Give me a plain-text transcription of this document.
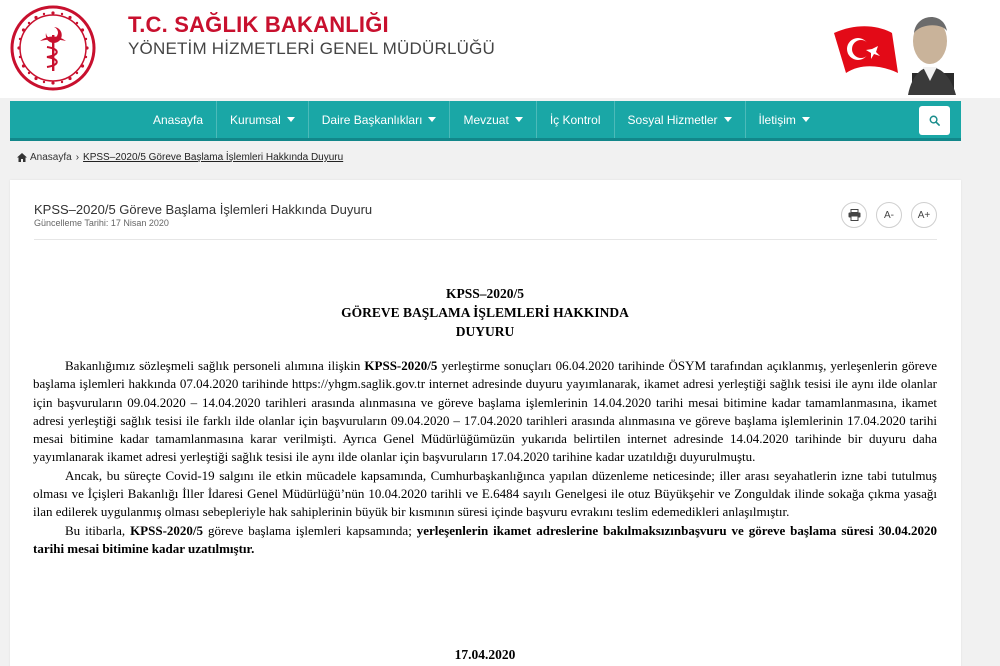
T.C. SAĞLIK BAKANLIĞI
YÖNETİM HİZMETLERİ GENEL MÜDÜRLÜĞÜ
Anasayfa Kurumsal	Daire Başkanlıkları	Mevzuat	İç Kontrol Sosyal Hizmetler	İletişim
Anasayfa › KPSS–2020/5 Göreve Başlama İşlemleri Hakkında Duyuru
KPSS–2020/5 Göreve Başlama İşlemleri Hakkında Duyuru
Güncelleme Tarihi: 17 Nisan 2020
A-	A+
KPSS–2020/5
GÖREVE BAŞLAMA İŞLEMLERİ HAKKINDA
DUYURU

Bakanlığımız sözleşmeli sağlık personeli alımına ilişkin KPSS-2020/5 yerleştirme sonuçları 06.04.2020 tarihinde ÖSYM tarafından açıklanmış, yerleşenlerin göreve başlama işlemleri hakkında 07.04.2020 tarihinde https://yhgm.saglik.gov.tr internet adresinde duyuru yayımlanarak, ikamet adresi yerleştiği sağlık tesisi ile aynı ilde olanlar için başvuruların 09.04.2020 – 14.04.2020 tarihleri arasında alınmasına ve göreve başlama işlemlerinin 14.04.2020 tarihi mesai bitimine kadar tamamlanmasına, ikamet adresi yerleştiği sağlık tesisi ile farklı ilde olanlar için başvuruların 09.04.2020 – 17.04.2020 tarihleri arasında alınmasına ve göreve başlama işlemlerinin 17.04.2020 tarihi mesai bitimine kadar tamamlanmasına karar verilmişti. Ayrıca Genel Müdürlüğümüzün yukarıda belirtilen internet adresinde 14.04.2020 tarihinde bir duyuru daha yayımlanarak ikamet adresi yerleştiği sağlık tesisi ile aynı ilde olanlar için başvuruların 17.04.2020 tarihine kadar uzatıldığı duyurulmuştu.

Ancak, bu süreçte Covid-19 salgını ile etkin mücadele kapsamında, Cumhurbaşkanlığınca yapılan düzenleme neticesinde; iller arası seyahatlerin izne tabi tutulmuş olması ve İçişleri Bakanlığı İller İdaresi Genel Müdürlüğü’nün 10.04.2020 tarihli ve E.6484 sayılı Genelgesi ile otuz Büyükşehir ve Zonguldak ilinde sokağa çıkma yasağı ilan edilerek uygulanmış olması sebepleriyle hak sahiplerinin büyük bir kısmının süresi içinde başvuru evrakını teslim edemedikleri anlaşılmıştır.

Bu itibarla, KPSS-2020/5 göreve başlama işlemleri kapsamında; yerleşenlerin ikamet adreslerine bakılmaksızınbaşvuru ve göreve başlama süresi 30.04.2020 tarihi mesai bitimine kadar uzatılmıştır.

17.04.2020
